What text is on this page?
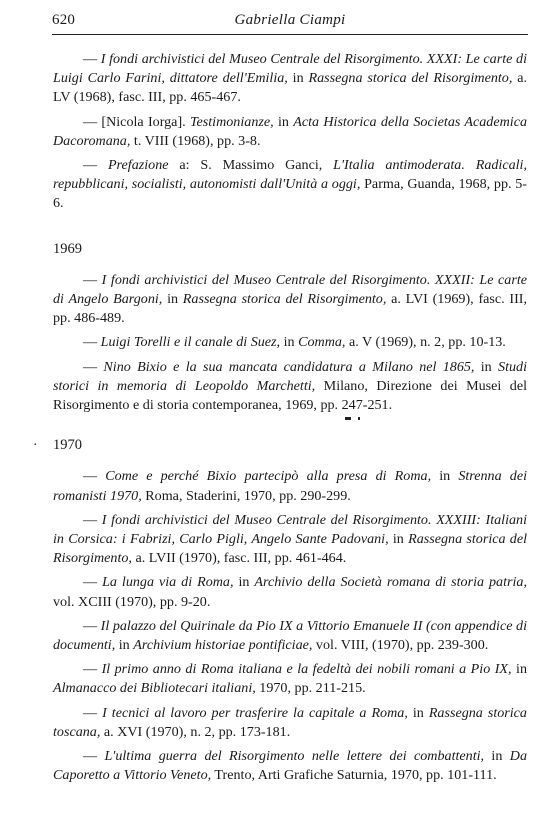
620	Gabriella Ciampi

— I fondi archivistici del Museo Centrale del Risorgimento. XXXI: Le carte di Luigi Carlo Farini, dittatore dell'Emilia, in Rassegna storica del Risorgimento, a. LV (1968), fasc. III, pp. 465-467.

— [Nicola Iorga]. Testimonianze, in Acta Historica della Societas Academica Dacoromana, t. VIII (1968), pp. 3-8.

— Prefazione a: S. Massimo Ganci, L'Italia antimoderata. Radicali, repubblicani, socialisti, autonomisti dall'Unità a oggi, Parma, Guanda, 1968, pp. 5-6.

1969

— I fondi archivistici del Museo Centrale del Risorgimento. XXXII: Le carte di Angelo Bargoni, in Rassegna storica del Risorgimento, a. LVI (1969), fasc. III, pp. 486-489.

— Luigi Torelli e il canale di Suez, in Comma, a. V (1969), n. 2, pp. 10-13.

— Nino Bixio e la sua mancata candidatura a Milano nel 1865, in Studi storici in memoria di Leopoldo Marchetti, Milano, Direzione dei Musei del Risorgimento e di storia contemporanea, 1969, pp. 247-251.

· 1970

— Come e perché Bixio partecipò alla presa di Roma, in Strenna dei romanisti 1970, Roma, Staderini, 1970, pp. 290-299.

— I fondi archivistici del Museo Centrale del Risorgimento. XXXIII: Italiani in Corsica: i Fabrizi, Carlo Pigli, Angelo Sante Padovani, in Rassegna storica del Risorgimento, a. LVII (1970), fasc. III, pp. 461-464.

— La lunga via di Roma, in Archivio della Società romana di storia patria, vol. XCIII (1970), pp. 9-20.

— Il palazzo del Quirinale da Pio IX a Vittorio Emanuele II (con appendice di documenti, in Archivium historiae pontificiae, vol. VIII, (1970), pp. 239-300.

— Il primo anno di Roma italiana e la fedeltà dei nobili romani a Pio IX, in Almanacco dei Bibliotecari italiani, 1970, pp. 211-215.

— I tecnici al lavoro per trasferire la capitale a Roma, in Rassegna storica toscana, a. XVI (1970), n. 2, pp. 173-181.

— L'ultima guerra del Risorgimento nelle lettere dei combattenti, in Da Caporetto a Vittorio Veneto, Trento, Arti Grafiche Saturnia, 1970, pp. 101-111.
